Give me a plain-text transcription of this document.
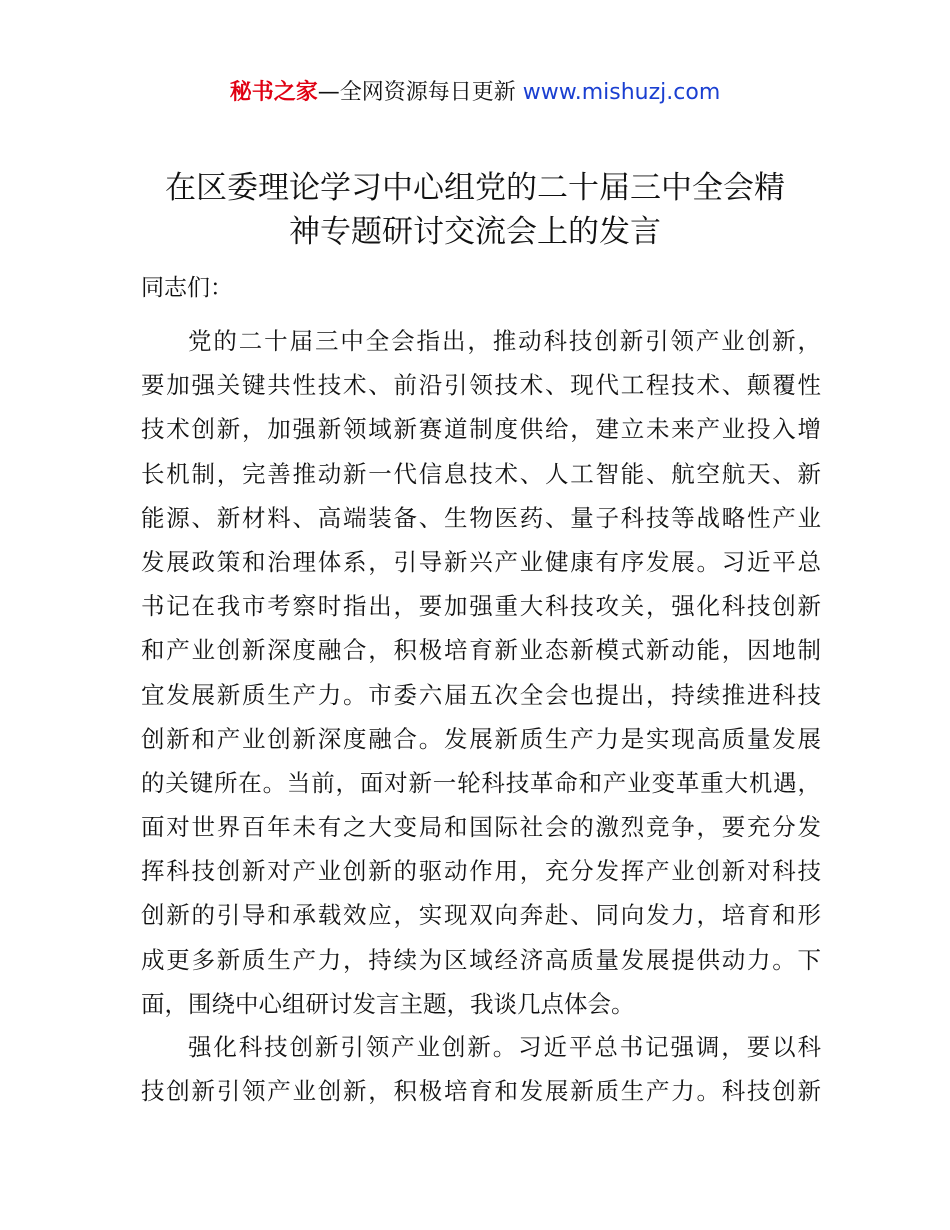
秘书之家—全网资源每日更新 www.mishuzj.com
在区委理论学习中心组党的二十届三中全会精
神专题研讨交流会上的发言
同志们：
党的二十届三中全会指出，推动科技创新引领产业创新，
要加强关键共性技术、前沿引领技术、现代工程技术、颠覆性
技术创新，加强新领域新赛道制度供给，建立未来产业投入增
长机制，完善推动新一代信息技术、人工智能、航空航天、新
能源、新材料、高端装备、生物医药、量子科技等战略性产业
发展政策和治理体系，引导新兴产业健康有序发展。习近平总
书记在我市考察时指出，要加强重大科技攻关，强化科技创新
和产业创新深度融合，积极培育新业态新模式新动能，因地制
宜发展新质生产力。市委六届五次全会也提出，持续推进科技
创新和产业创新深度融合。发展新质生产力是实现高质量发展
的关键所在。当前，面对新一轮科技革命和产业变革重大机遇，
面对世界百年未有之大变局和国际社会的激烈竞争，要充分发
挥科技创新对产业创新的驱动作用，充分发挥产业创新对科技
创新的引导和承载效应，实现双向奔赴、同向发力，培育和形
成更多新质生产力，持续为区域经济高质量发展提供动力。下
面，围绕中心组研讨发言主题，我谈几点体会。
强化科技创新引领产业创新。习近平总书记强调，要以科
技创新引领产业创新，积极培育和发展新质生产力。科技创新
